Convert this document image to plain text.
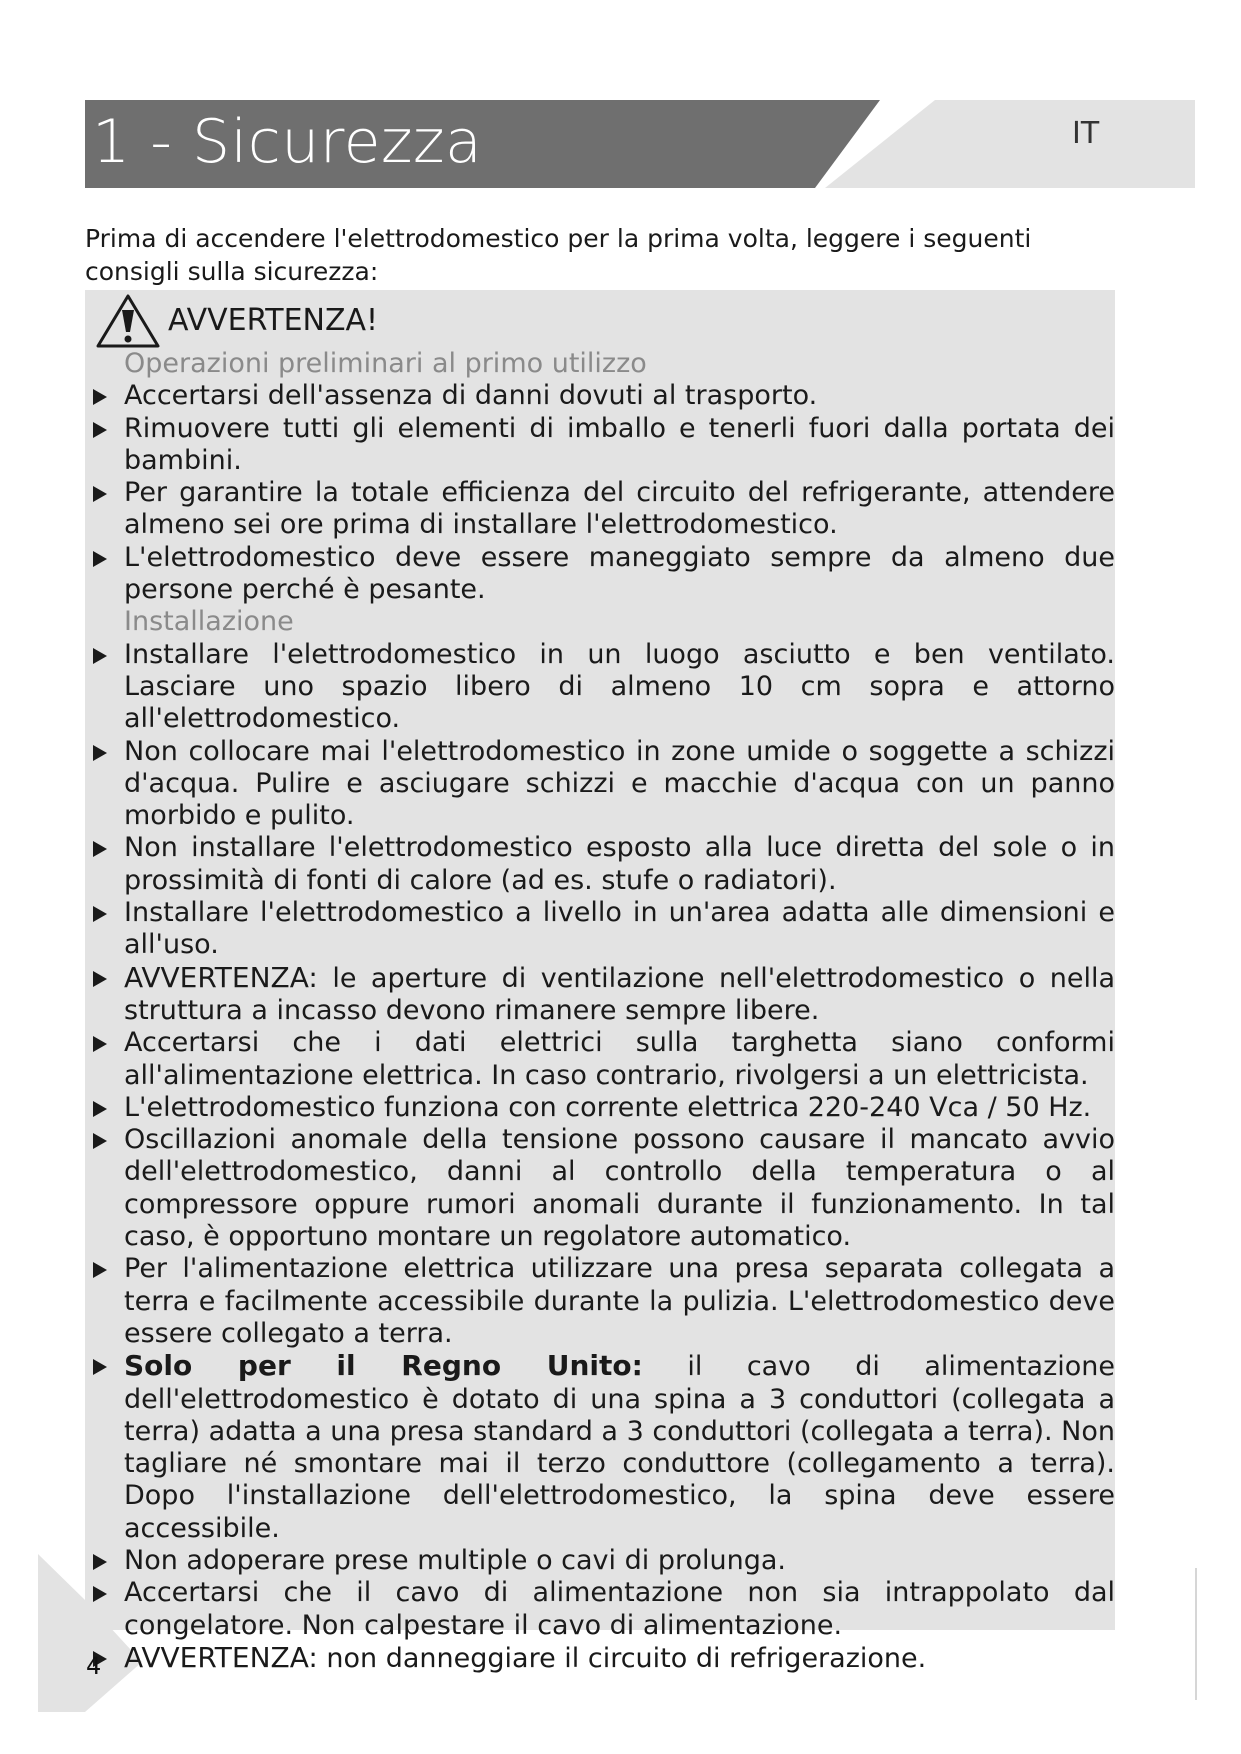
1 - Sicurezza	IT
Prima di accendere l'elettrodomestico per la prima volta, leggere i seguenti consigli sulla sicurezza:
AVVERTENZA!
Operazioni preliminari al primo utilizzo
Accertarsi dell'assenza di danni dovuti al trasporto.
Rimuovere tutti gli elementi di imballo e tenerli fuori dalla portata dei bambini.
Per garantire la totale efficienza del circuito del refrigerante, attendere almeno sei ore prima di installare l'elettrodomestico.
L'elettrodomestico deve essere maneggiato sempre da almeno due persone perché è pesante.
Installazione
Installare l'elettrodomestico in un luogo asciutto e ben ventilato. Lasciare uno spazio libero di almeno 10 cm sopra e attorno all'elettrodomestico.
Non collocare mai l'elettrodomestico in zone umide o soggette a schizzi d'acqua. Pulire e asciugare schizzi e macchie d'acqua con un panno morbido e pulito.
Non installare l'elettrodomestico esposto alla luce diretta del sole o in prossimità di fonti di calore (ad es. stufe o radiatori).
Installare l'elettrodomestico a livello in un'area adatta alle dimensioni e all'uso.
AVVERTENZA: le aperture di ventilazione nell'elettrodomestico o nella struttura a incasso devono rimanere sempre libere.
Accertarsi che i dati elettrici sulla targhetta siano conformi all'alimentazione elettrica. In caso contrario, rivolgersi a un elettricista.
L'elettrodomestico funziona con corrente elettrica 220-240 Vca / 50 Hz.
Oscillazioni anomale della tensione possono causare il mancato avvio dell'elettrodomestico, danni al controllo della temperatura o al compressore oppure rumori anomali durante il funzionamento. In tal caso, è opportuno montare un regolatore automatico.
Per l'alimentazione elettrica utilizzare una presa separata collegata a terra e facilmente accessibile durante la pulizia. L'elettrodomestico deve essere collegato a terra.
Solo per il Regno Unito: il cavo di alimentazione dell'elettrodomestico è dotato di una spina a 3 conduttori (collegata a terra) adatta a una presa standard a 3 conduttori (collegata a terra). Non tagliare né smontare mai il terzo conduttore (collegamento a terra). Dopo l'installazione dell'elettrodomestico, la spina deve essere accessibile.
Non adoperare prese multiple o cavi di prolunga.
Accertarsi che il cavo di alimentazione non sia intrappolato dal congelatore. Non calpestare il cavo di alimentazione.
AVVERTENZA: non danneggiare il circuito di refrigerazione.
4
